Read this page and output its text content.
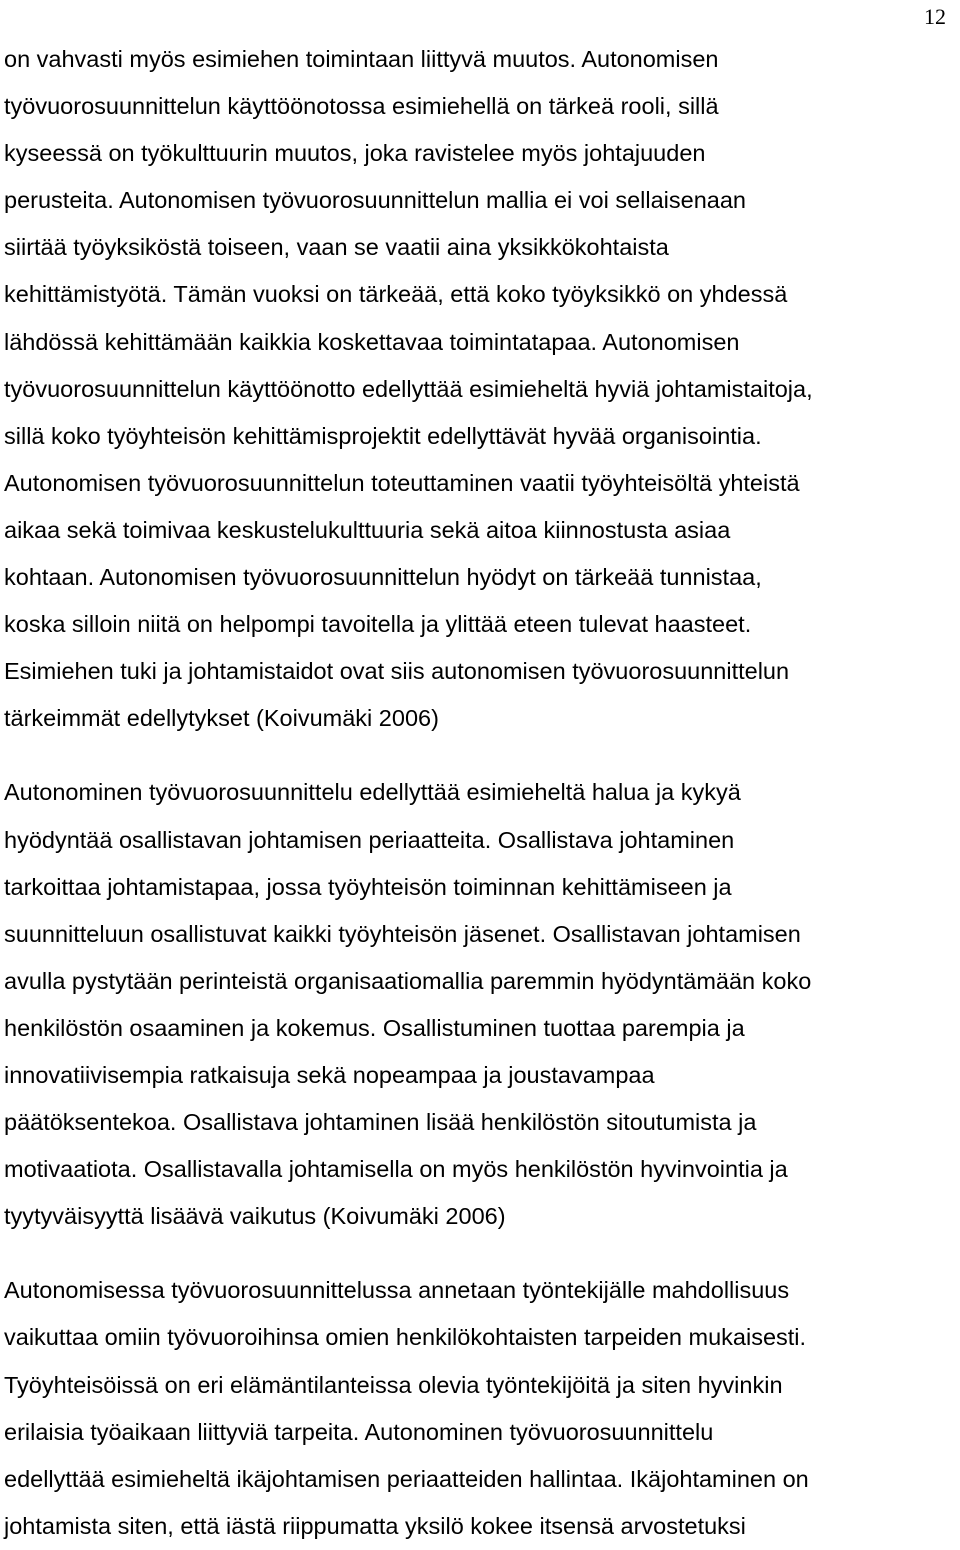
12
on vahvasti myös esimiehen toimintaan liittyvä muutos. Autonomisen
työvuorosuunnittelun käyttöönotossa esimiehellä on tärkeä rooli, sillä
kyseessä on työkulttuurin muutos, joka ravistelee myös johtajuuden
perusteita. Autonomisen työvuorosuunnittelun mallia ei voi sellaisenaan
siirtää työyksiköstä toiseen, vaan se vaatii aina yksikkökohtaista
kehittämistyötä. Tämän vuoksi on tärkeää, että koko työyksikkö on yhdessä
lähdössä kehittämään kaikkia koskettavaa toimintatapaa. Autonomisen
työvuorosuunnittelun käyttöönotto edellyttää esimieheltä hyviä johtamistaitoja,
sillä koko työyhteisön kehittämisprojektit edellyttävät hyvää organisointia.
Autonomisen työvuorosuunnittelun toteuttaminen vaatii työyhteisöltä yhteistä
aikaa sekä toimivaa keskustelukulttuuria sekä aitoa kiinnostusta asiaa
kohtaan. Autonomisen työvuorosuunnittelun hyödyt on tärkeää tunnistaa,
koska silloin niitä on helpompi tavoitella ja ylittää eteen tulevat haasteet.
Esimiehen tuki ja johtamistaidot ovat siis autonomisen työvuorosuunnittelun
tärkeimmät edellytykset (Koivumäki 2006)
Autonominen työvuorosuunnittelu edellyttää esimieheltä halua ja kykyä
hyödyntää osallistavan johtamisen periaatteita. Osallistava johtaminen
tarkoittaa johtamistapaa, jossa työyhteisön toiminnan kehittämiseen ja
suunnitteluun osallistuvat kaikki työyhteisön jäsenet. Osallistavan johtamisen
avulla pystytään perinteistä organisaatiomallia paremmin hyödyntämään koko
henkilöstön osaaminen ja kokemus. Osallistuminen tuottaa parempia ja
innovatiivisempia ratkaisuja sekä nopeampaa ja joustavampaa
päätöksentekoa. Osallistava johtaminen lisää henkilöstön sitoutumista ja
motivaatiota. Osallistavalla johtamisella on myös henkilöstön hyvinvointia ja
tyytyväisyyttä lisäävä vaikutus (Koivumäki 2006)
Autonomisessa työvuorosuunnittelussa annetaan työntekijälle mahdollisuus
vaikuttaa omiin työvuoroihinsa omien henkilökohtaisten tarpeiden mukaisesti.
Työyhteisöissä on eri elämäntilanteissa olevia työntekijöitä ja siten hyvinkin
erilaisia työaikaan liittyviä tarpeita. Autonominen työvuorosuunnittelu
edellyttää esimieheltä ikäjohtamisen periaatteiden hallintaa. Ikäjohtaminen on
johtamista siten, että iästä riippumatta yksilö kokee itsensä arvostetuksi
